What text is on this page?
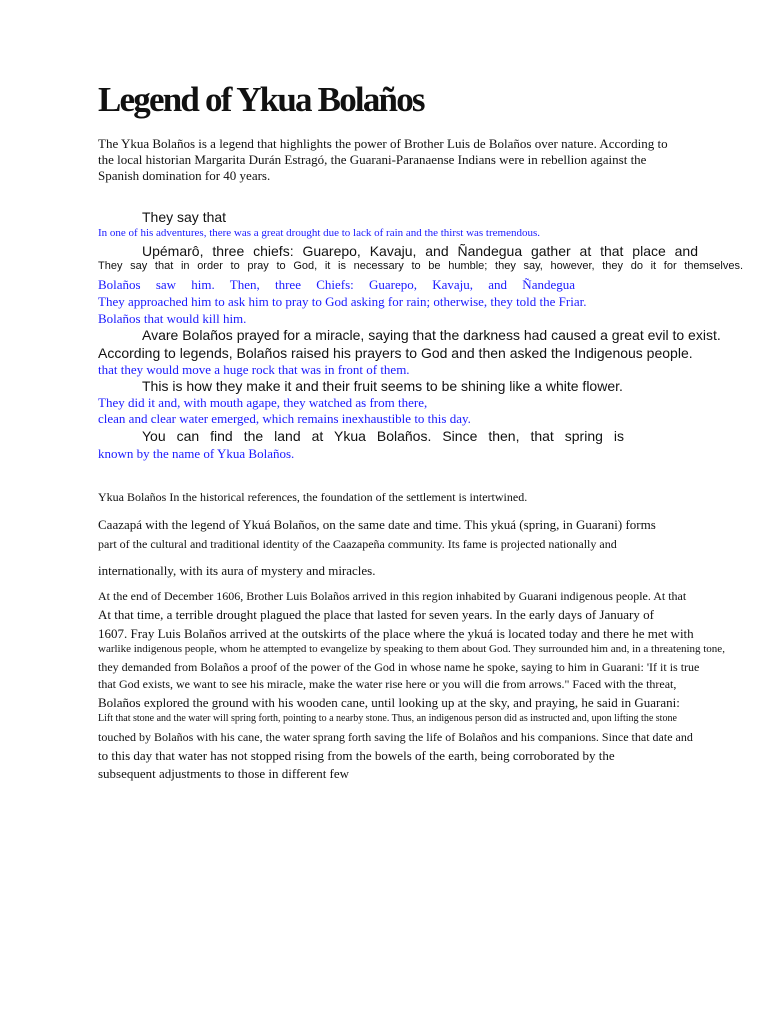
Legend of Ykua Bolaños

The Ykua Bolaños is a legend that highlights the power of Brother Luis de Bolaños over nature. According to

the local historian Margarita Durán Estragó, the Guarani-Paranaense Indians were in rebellion against the

Spanish domination for 40 years.

They say that

In one of his adventures, there was a great drought due to lack of rain and the thirst was tremendous.

Upémarô, three chiefs: Guarepo, Kavaju, and Ñandegua gather at that place and

They say that in order to pray to God, it is necessary to be humble; they say, however, they do it for themselves.

Bolaños saw him. Then, three Chiefs: Guarepo, Kavaju, and Ñandegua

They approached him to ask him to pray to God asking for rain; otherwise, they told the Friar.

Bolaños that would kill him.

Avare Bolaños prayed for a miracle, saying that the darkness had caused a great evil to exist.

According to legends, Bolaños raised his prayers to God and then asked the Indigenous people.

that they would move a huge rock that was in front of them.

This is how they make it and their fruit seems to be shining like a white flower.

They did it and, with mouth agape, they watched as from there,

clean and clear water emerged, which remains inexhaustible to this day.

You can find the land at Ykua Bolaños. Since then, that spring is

known by the name of Ykua Bolaños.

Ykua Bolaños In the historical references, the foundation of the settlement is intertwined.

Caazapá with the legend of Ykuá Bolaños, on the same date and time. This ykuá (spring, in Guarani) forms

part of the cultural and traditional identity of the Caazapeña community. Its fame is projected nationally and

internationally, with its aura of mystery and miracles.

At the end of December 1606, Brother Luis Bolaños arrived in this region inhabited by Guarani indigenous people. At that

At that time, a terrible drought plagued the place that lasted for seven years. In the early days of January of

1607. Fray Luis Bolaños arrived at the outskirts of the place where the ykuá is located today and there he met with

warlike indigenous people, whom he attempted to evangelize by speaking to them about God. They surrounded him and, in a threatening tone,

they demanded from Bolaños a proof of the power of the God in whose name he spoke, saying to him in Guarani: 'If it is true

that God exists, we want to see his miracle, make the water rise here or you will die from arrows." Faced with the threat,

Bolaños explored the ground with his wooden cane, until looking up at the sky, and praying, he said in Guarani:

Lift that stone and the water will spring forth, pointing to a nearby stone. Thus, an indigenous person did as instructed and, upon lifting the stone

touched by Bolaños with his cane, the water sprang forth saving the life of Bolaños and his companions. Since that date and

to this day that water has not stopped rising from the bowels of the earth, being corroborated by the

subsequent adjustments to those in different few
